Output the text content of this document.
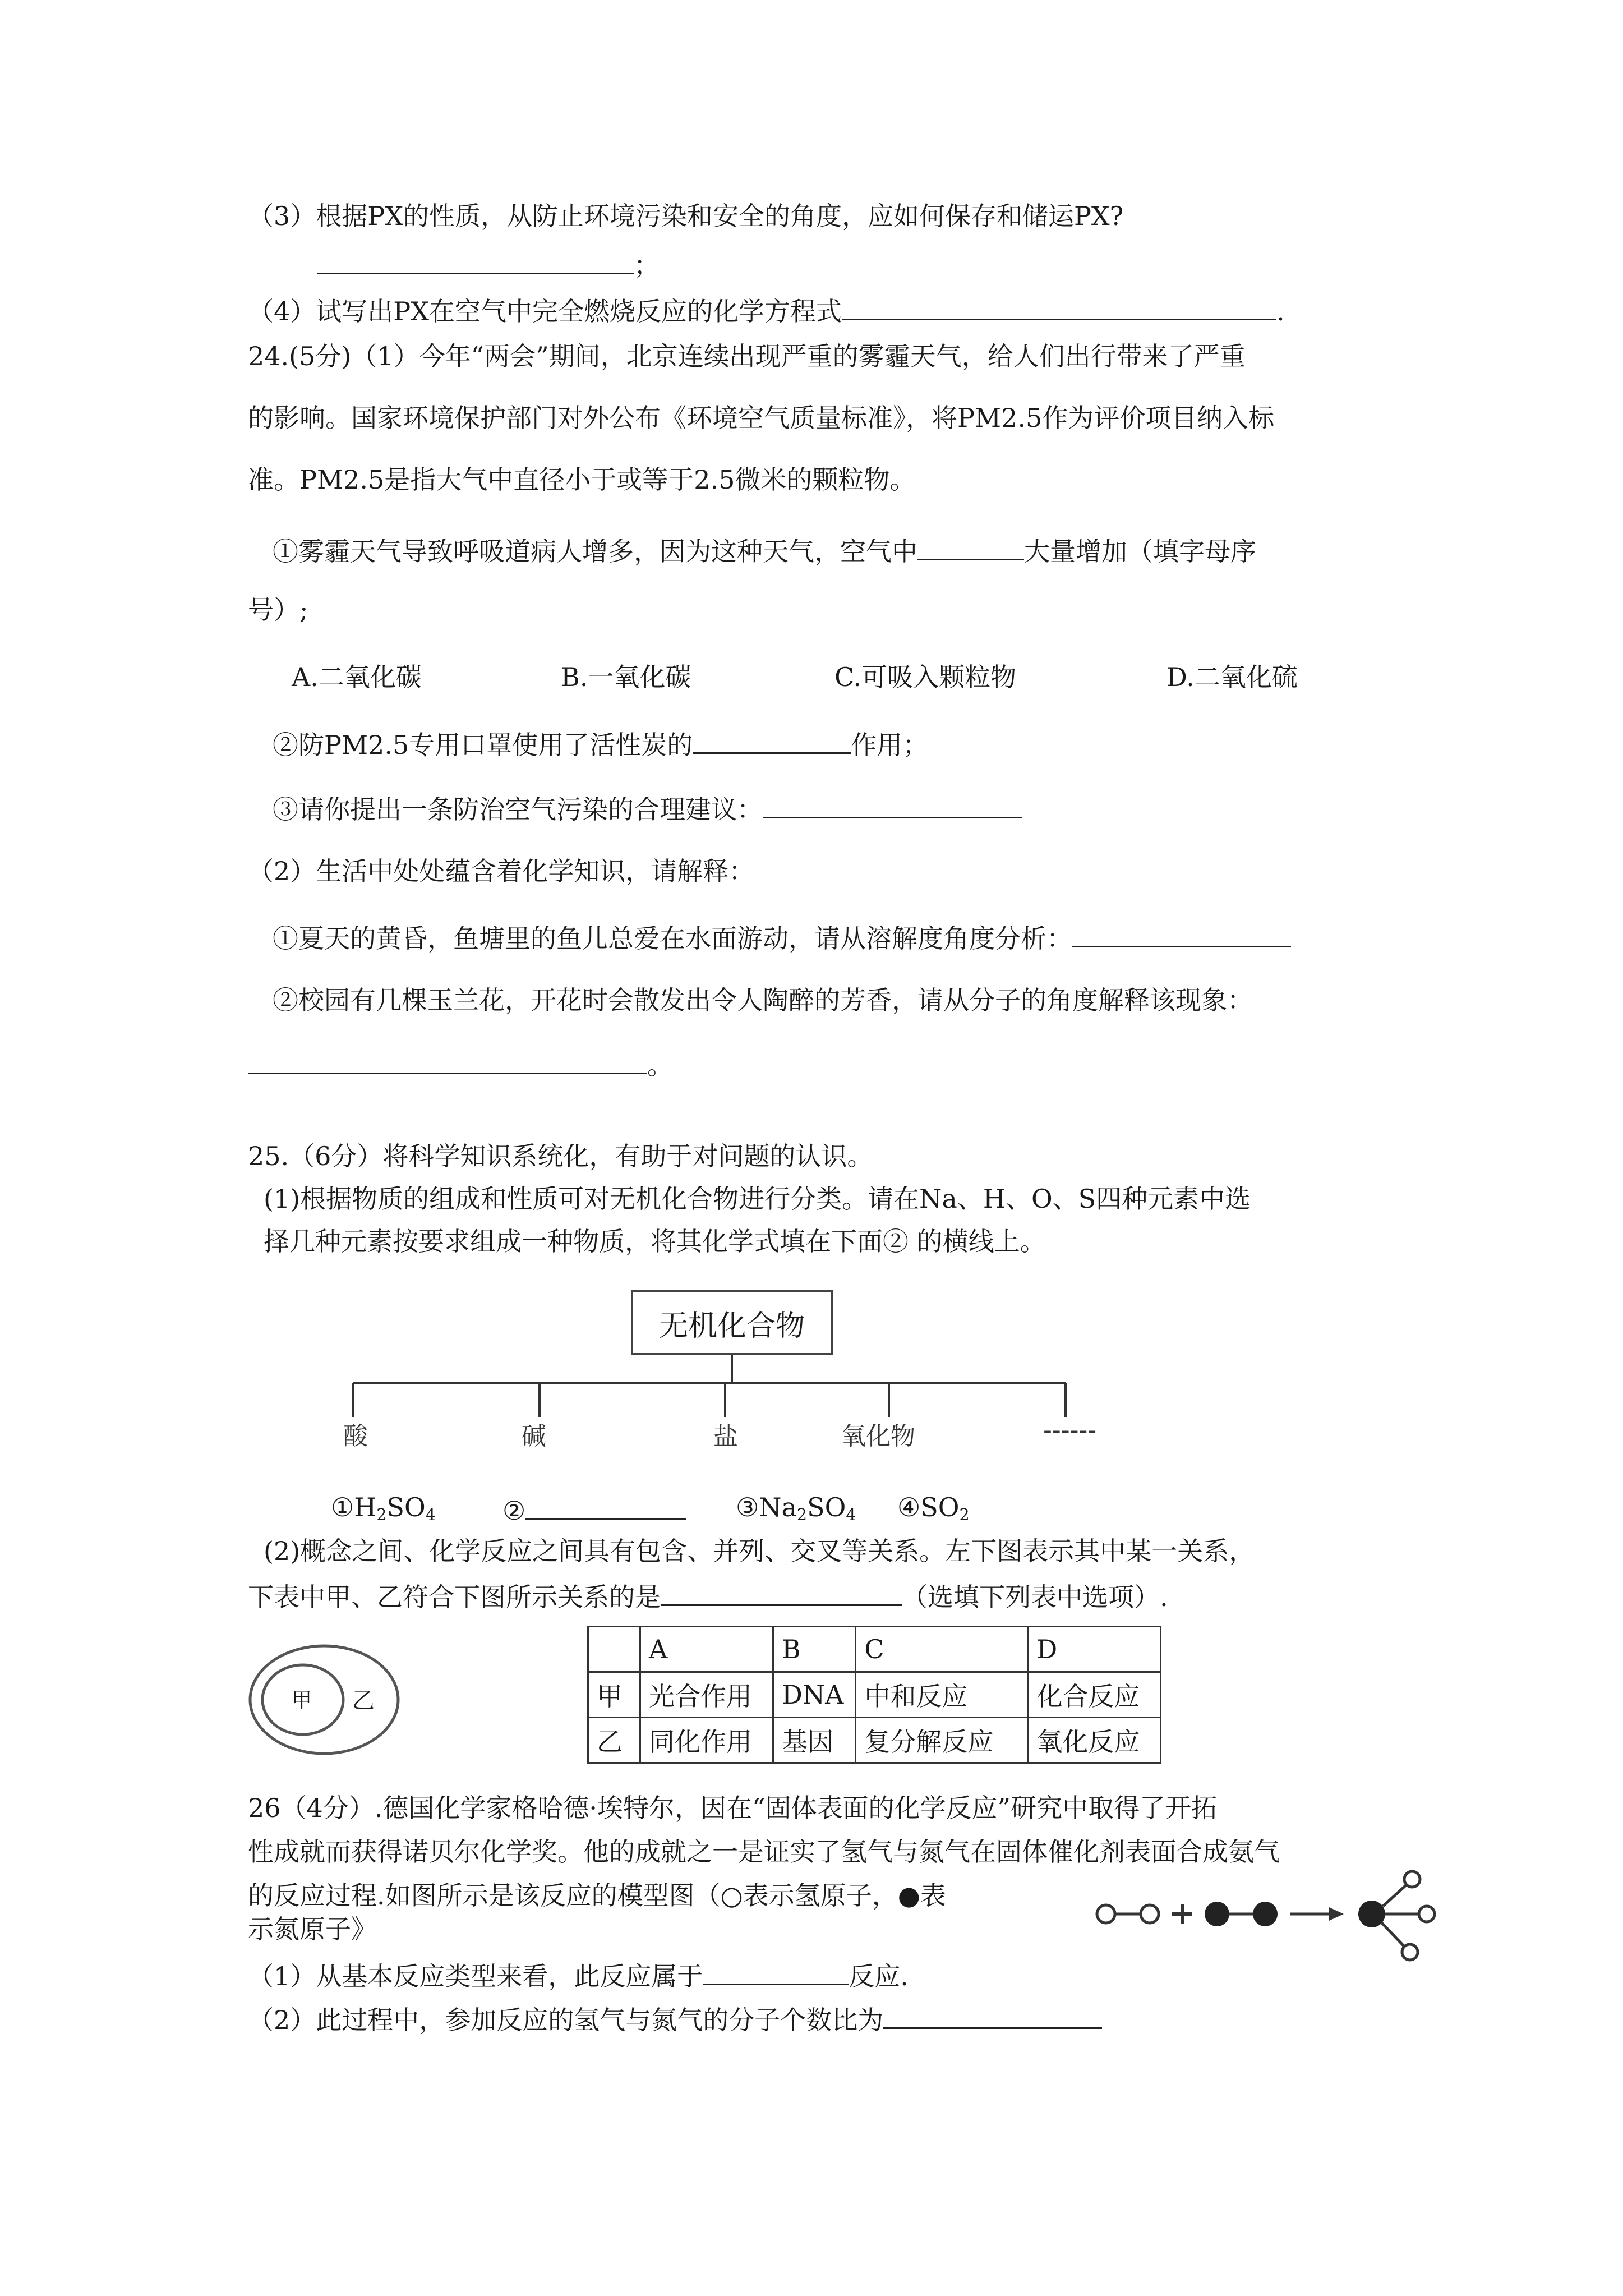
（3）根据PX的性质，从防止环境污染和安全的角度，应如何保存和储运PX?
；
（4）试写出PX在空气中完全燃烧反应的化学方程式	.
24.(5分)（1）今年“两会”期间，北京连续出现严重的雾霾天气，给人们出行带来了严重
的影响。国家环境保护部门对外公布《环境空气质量标准》，将PM2.5作为评价项目纳入标
准。PM2.5是指大气中直径小于或等于2.5微米的颗粒物。
①雾霾天气导致呼吸道病人增多，因为这种天气，空气中	大量增加（填字母序
号）;
A.二氧化碳	B.一氧化碳	C.可吸入颗粒物	D.二氧化硫
②防PM2.5专用口罩使用了活性炭的	作用；
③请你提出一条防治空气污染的合理建议：
（2）生活中处处蕴含着化学知识，请解释：
①夏天的黄昏，鱼塘里的鱼儿总爱在水面游动，请从溶解度角度分析：
②校园有几棵玉兰花，开花时会散发出令人陶醉的芳香，请从分子的角度解释该现象：
。
25.（6分）将科学知识系统化，有助于对问题的认识。
(1)根据物质的组成和性质可对无机化合物进行分类。请在Na、H、O、S四种元素中选
择几种元素按要求组成一种物质，将其化学式填在下面② 的横线上。
无机化合物
酸	碱	盐	氧化物	------
$①H_2SO_4$	②	$③Na_2SO_4$ $④SO_2$
(2)概念之间、化学反应之间具有包含、并列、交叉等关系。左下图表示其中某一关系，
下表中甲、乙符合下图所示关系的是	（选填下列表中选项）.
甲 乙
	A	B	C	D
甲	光合作用	DNA	中和反应	化合反应
乙	同化作用	基因	复分解反应	氧化反应
26（4分）.德国化学家格哈德·埃特尔，因在“固体表面的化学反应”研究中取得了开拓
性成就而获得诺贝尔化学奖。他的成就之一是证实了氢气与氮气在固体催化剂表面合成氨气
的反应过程.如图所示是该反应的模型图（○表示氢原子，●表
示氮原子》
（1）从基本反应类型来看，此反应属于	反应.
（2）此过程中，参加反应的氢气与氮气的分子个数比为
